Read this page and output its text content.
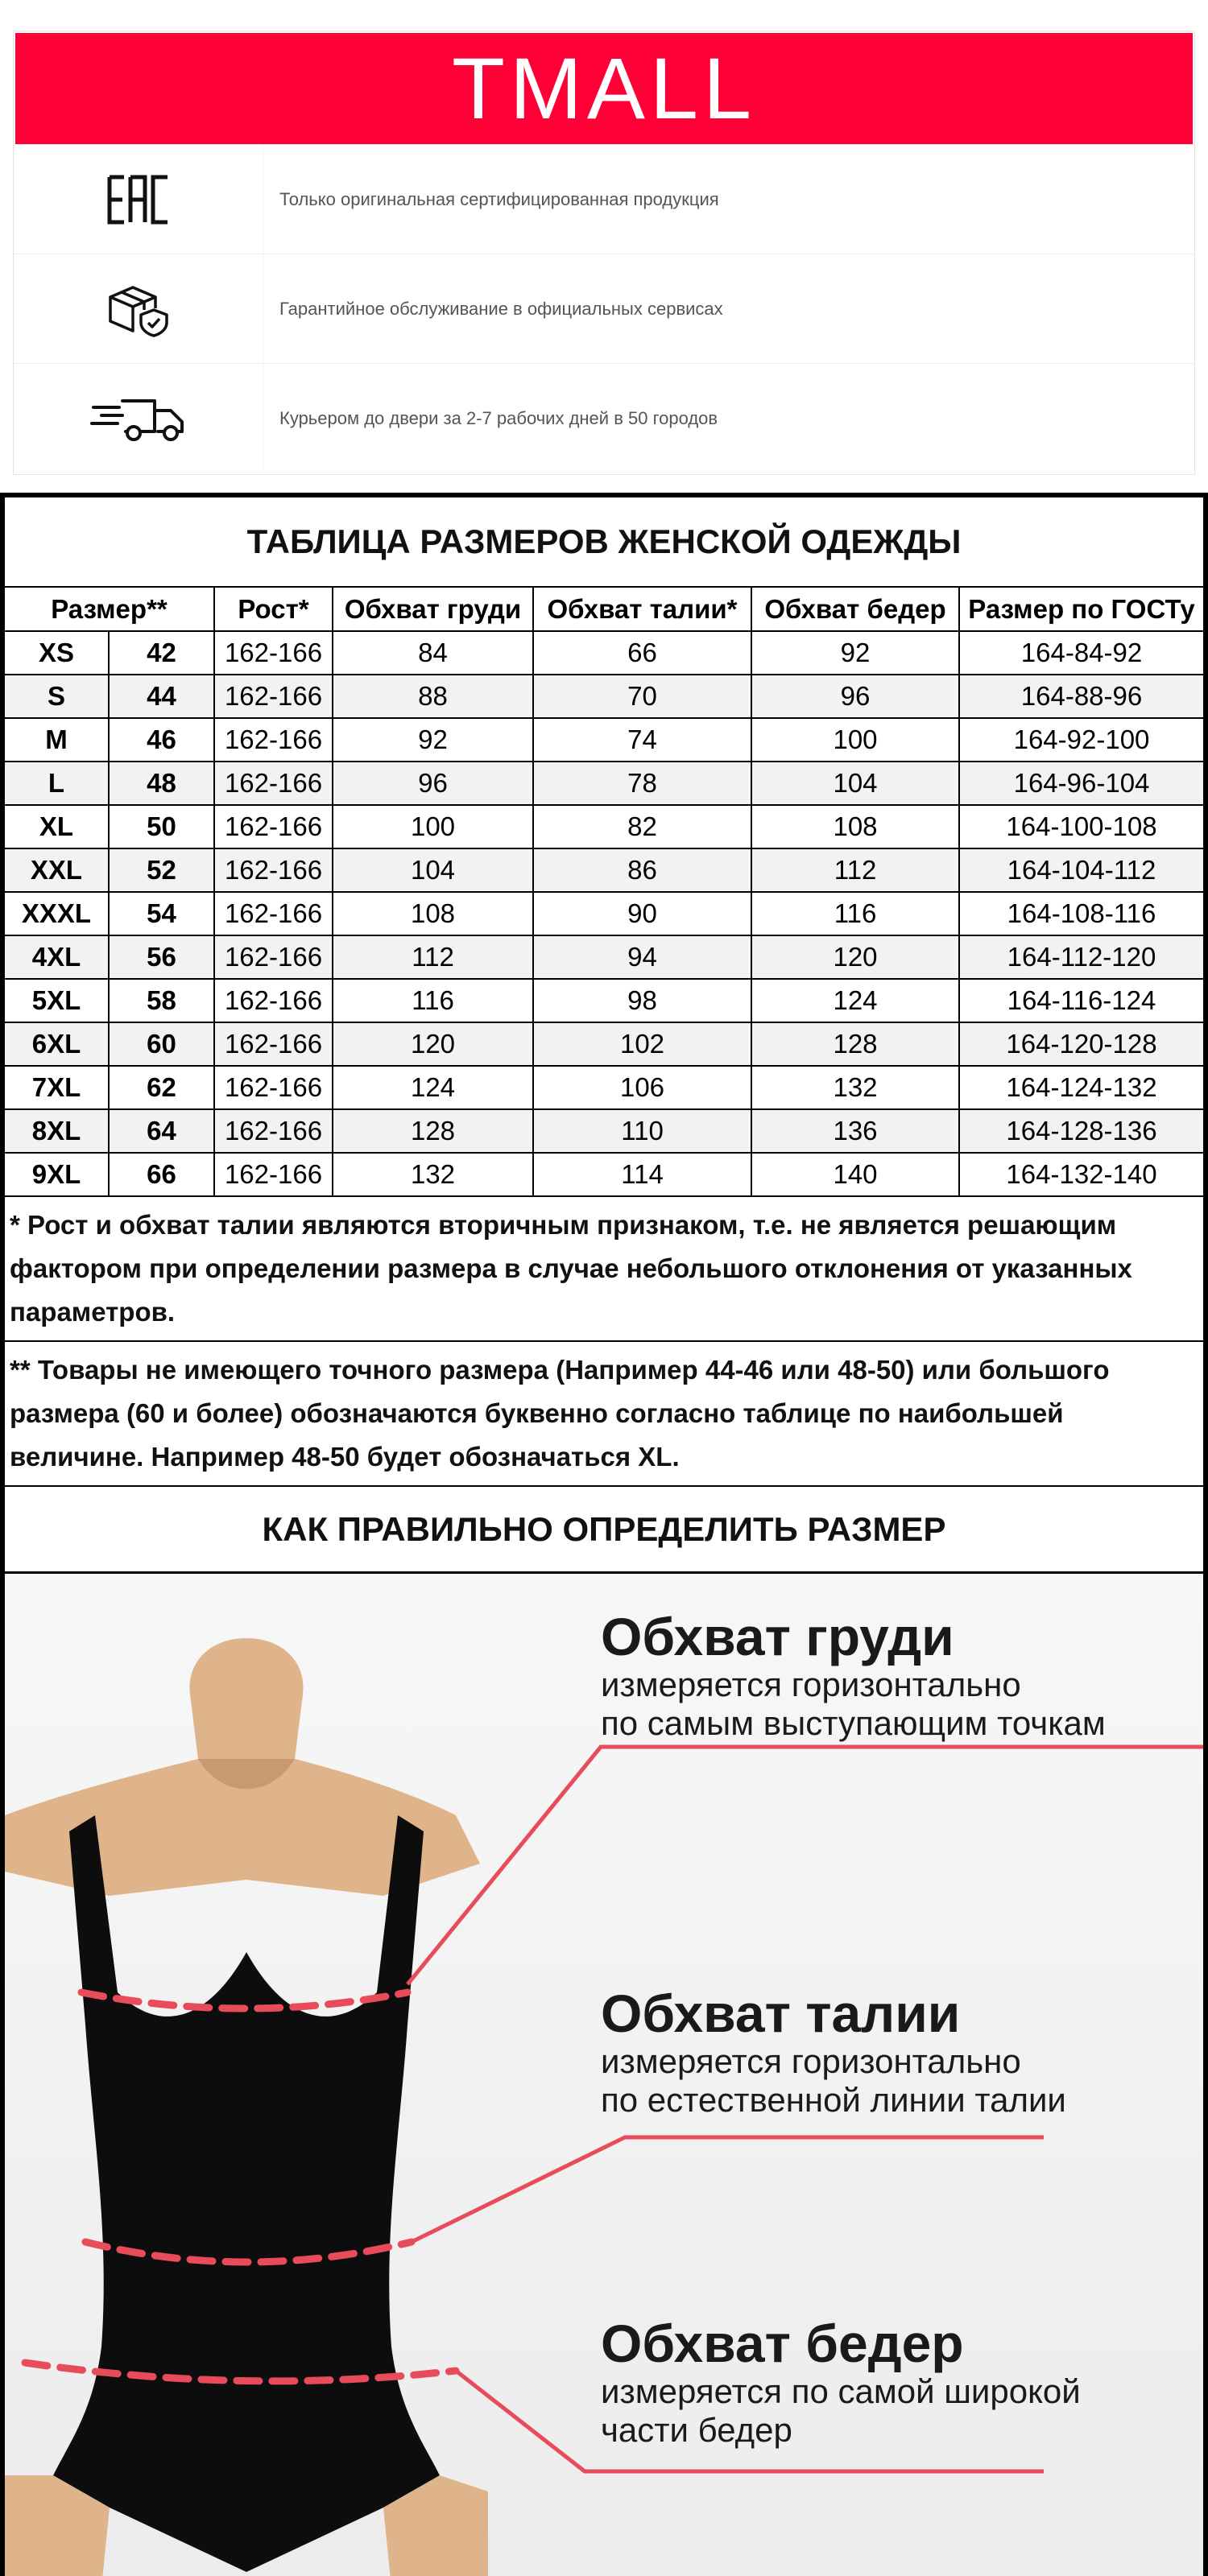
TMALL
Только оригинальная сертифицированная продукция
Гарантийное обслуживание в официальных сервисах
Курьером до двери за 2-7 рабочих дней в 50 городов
ТАБЛИЦА РАЗМЕРОВ ЖЕНСКОЙ ОДЕЖДЫ
Размер**		Рост*	Обхват груди	Обхват талии*	Обхват бедер	Размер по ГОСТу
XS	42	162-166	84	66	92	164-84-92
S	44	162-166	88	70	96	164-88-96
M	46	162-166	92	74	100	164-92-100
L	48	162-166	96	78	104	164-96-104
XL	50	162-166	100	82	108	164-100-108
XXL	52	162-166	104	86	112	164-104-112
XXXL	54	162-166	108	90	116	164-108-116
4XL	56	162-166	112	94	120	164-112-120
5XL	58	162-166	116	98	124	164-116-124
6XL	60	162-166	120	102	128	164-120-128
7XL	62	162-166	124	106	132	164-124-132
8XL	64	162-166	128	110	136	164-128-136
9XL	66	162-166	132	114	140	164-132-140
* Рост и обхват талии являются вторичным признаком, т.е. не является решающим фактором при определении размера в случае небольшого отклонения от указанных параметров.
** Товары не имеющего точного размера (Например 44-46 или 48-50) или большого размера (60 и более) обозначаются буквенно согласно таблице по наибольшей величине. Например 48-50 будет обозначаться XL.
КАК ПРАВИЛЬНО ОПРЕДЕЛИТЬ РАЗМЕР
Обхват груди
измеряется горизонтально
по самым выступающим точкам
Обхват талии
измеряется горизонтально
по естественной линии талии
Обхват бедер
измеряется по самой широкой
части бедер
